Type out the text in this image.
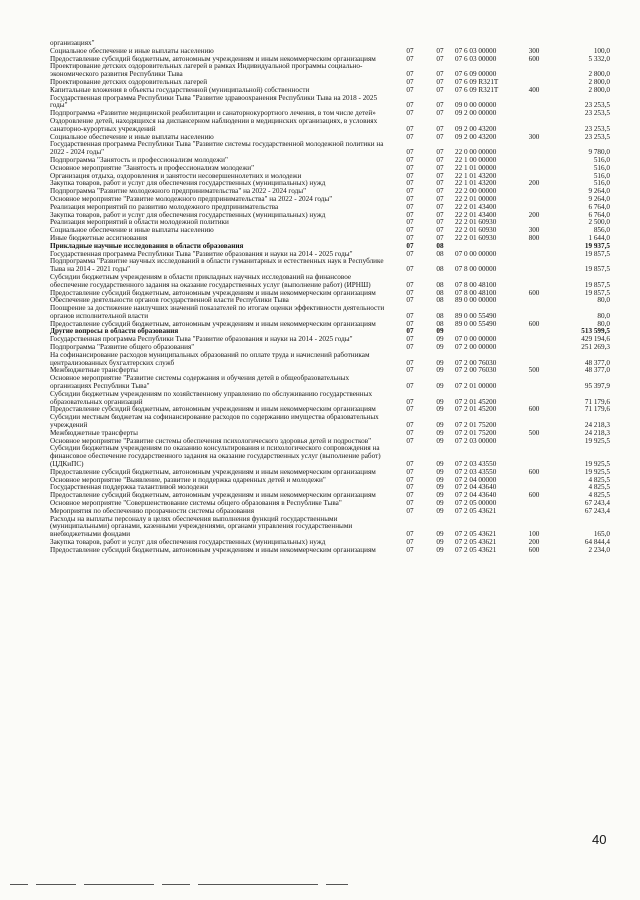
организациях"
Социальное обеспечение и иные выплаты населению	07	07	07 6 03 00000	300	100,0
Предоставление субсидий бюджетным, автономным учреждениям и иным некоммерческим организациям	07	07	07 6 03 00000	600	5 332,0
Проектирование детских оздоровительных лагерей в рамках Индивидуальной программы социально-экономического развития Республики Тыва	07	07	07 6 09 00000	2 800,0
Проектирование детских оздоровительных лагерей	07	07	07 6 09 R321T	2 800,0
Капитальные вложения в объекты государственной (муниципальной) собственности	07	07	07 6 09 R321T	400	2 800,0
Государственная программа Республики Тыва "Развитие здравоохранения Республики Тыва на 2018 - 2025 годы"	07	07	09 0 00 00000	23 253,5
Подпрограмма «Развитие медицинской реабилитации и санаторнокурортного лечения, в том числе детей»	07	07	09 2 00 00000	23 253,5
Оздоровление детей, находящихся на диспансерном наблюдении в медицинских организациях, в условиях санаторно-курортных учреждений	07	07	09 2 00 43200	23 253,5
Социальное обеспечение и иные выплаты населению	07	07	09 2 00 43200	300	23 253,5
Государственная программа Республики Тыва "Развитие системы государственной молодежной политики на 2022 - 2024 годы"	07	07	22 0 00 00000	9 780,0
Подпрограмма "Занятость и профессионализм молодежи"	07	07	22 1 00 00000	516,0
Основное мероприятие "Занятость и профессионализм молодежи"	07	07	22 1 01 00000	516,0
Организация отдыха, оздоровления и занятости несовершеннолетних и молодежи	07	07	22 1 01 43200	516,0
Закупка товаров, работ и услуг для обеспечения государственных (муниципальных) нужд	07	07	22 1 01 43200	200	516,0
Подпрограмма "Развитие молодежного предпринимательства" на 2022 - 2024 годы"	07	07	22 2 00 00000	9 264,0
Основное мероприятие "Развитие молодежного предпринимательства" на 2022 - 2024 годы"	07	07	22 2 01 00000	9 264,0
Реализация мероприятий по развитию молодежного предпринимательства	07	07	22 2 01 43400	6 764,0
Закупка товаров, работ и услуг для обеспечения государственных (муниципальных) нужд	07	07	22 2 01 43400	200	6 764,0
Реализация мероприятий в области молодежной политики	07	07	22 2 01 60930	2 500,0
Социальное обеспечение и иные выплаты населению	07	07	22 2 01 60930	300	856,0
Иные бюджетные ассигнования	07	07	22 2 01 60930	800	1 644,0
Прикладные научные исследования в области образования	07	08	19 937,5
Государственная программа Республики Тыва "Развитие образования и науки на 2014 - 2025 годы"	07	08	07 0 00 00000	19 857,5
Подпрограмма "Развитие научных исследований в области гуманитарных и естественных наук в Республике Тыва на 2014 - 2021 годы"	07	08	07 8 00 00000	19 857,5
Субсидии бюджетным учреждениям в области прикладных научных исследований на финансовое обеспечение государственного задания на оказание государственных услуг (выполнение работ) (ИРНШ)	07	08	07 8 00 48100	19 857,5
Предоставление субсидий бюджетным, автономным учреждениям и иным некоммерческим организациям	07	08	07 8 00 48100	600	19 857,5
Обеспечение деятельности органов государственной власти Республики Тыва	07	08	89 0 00 00000	80,0
Поощрение за достижение наилучших значений показателей по итогам оценки эффективности деятельности органов исполнительной власти	07	08	89 0 00 55490	80,0
Предоставление субсидий бюджетным, автономным учреждениям и иным некоммерческим организациям	07	08	89 0 00 55490	600	80,0
Другие вопросы в области образования	07	09	513 599,5
Государственная программа Республики Тыва "Развитие образования и науки на 2014 - 2025 годы"	07	09	07 0 00 00000	429 194,6
Подпрограмма "Развитие общего образования"	07	09	07 2 00 00000	251 269,3
На софинансирование расходов муниципальных образований по оплате труда и начислений работникам централизованных бухгалтерских служб	07	09	07 2 00 76030	48 377,0
Межбюджетные трансферты	07	09	07 2 00 76030	500	48 377,0
Основное мероприятие "Развитие системы содержания и обучения детей в общеобразовательных организациях Республики Тыва"	07	09	07 2 01 00000	95 397,9
Субсидии бюджетным учреждениям по хозяйственному управлению по обслуживанию государственных образовательных организаций	07	09	07 2 01 45200	71 179,6
Предоставление субсидий бюджетным, автономным учреждениям и иным некоммерческим организациям	07	09	07 2 01 45200	600	71 179,6
Субсидии местным бюджетам на софинансирование расходов по содержанию имущества образовательных учреждений	07	09	07 2 01 75200	24 218,3
Межбюджетные трансферты	07	09	07 2 01 75200	500	24 218,3
Основное мероприятие "Развитие системы обеспечения психологического здоровья детей и подростков"	07	09	07 2 03 00000	19 925,5
Субсидии бюджетным учреждениям по оказанию консультирования и психологического сопровождения на финансовое обеспечение государственного задания на оказание государственных услуг (выполнение работ) (ЦДКиПС)	07	09	07 2 03 43550	19 925,5
Предоставление субсидий бюджетным, автономным учреждениям и иным некоммерческим организациям	07	09	07 2 03 43550	600	19 925,5
Основное мероприятие "Выявление, развитие и поддержка одаренных детей и молодежи"	07	09	07 2 04 00000	4 825,5
Государственная поддержка талантливой молодежи	07	09	07 2 04 43640	4 825,5
Предоставление субсидий бюджетным, автономным учреждениям и иным некоммерческим организациям	07	09	07 2 04 43640	600	4 825,5
Основное мероприятие "Совершенствование системы общего образования в Республике Тыва"	07	09	07 2 05 00000	67 243,4
Мероприятия по обеспечению прозрачности системы образования	07	09	07 2 05 43621	67 243,4
Расходы на выплаты персоналу в целях обеспечения выполнения функций государственными (муниципальными) органами, казенными учреждениями, органами управления государственными внебюджетными фондами	07	09	07 2 05 43621	100	165,0
Закупка товаров, работ и услуг для обеспечения государственных (муниципальных) нужд	07	09	07 2 05 43621	200	64 844,4
Предоставление субсидий бюджетным, автономным учреждениям и иным некоммерческим организациям	07	09	07 2 05 43621	600	2 234,0
40
